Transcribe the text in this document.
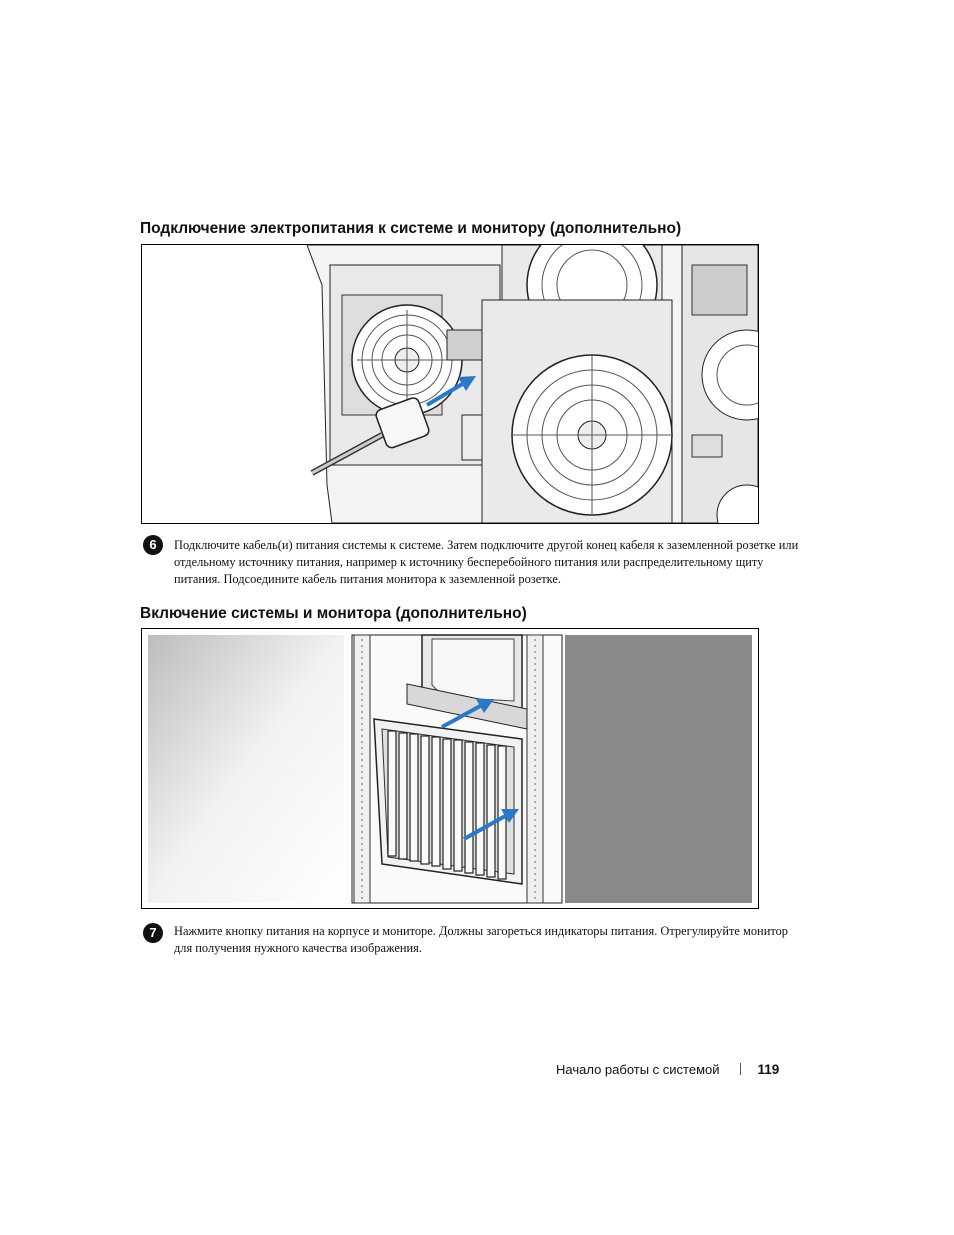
Подключение электропитания к системе и монитору (дополнительно)
6	Подключите кабель(и) питания системы к системе. Затем подключите другой конец кабеля к заземленной розетке или отдельному источнику питания, например к источнику бесперебойного питания или распределительному щиту питания. Подсоедините кабель питания монитора к заземленной розетке.
Включение системы и монитора (дополнительно)
7	Нажмите кнопку питания на корпусе и мониторе. Должны загореться индикаторы питания. Отрегулируйте монитор для получения нужного качества изображения.
Начало работы с системой	119
